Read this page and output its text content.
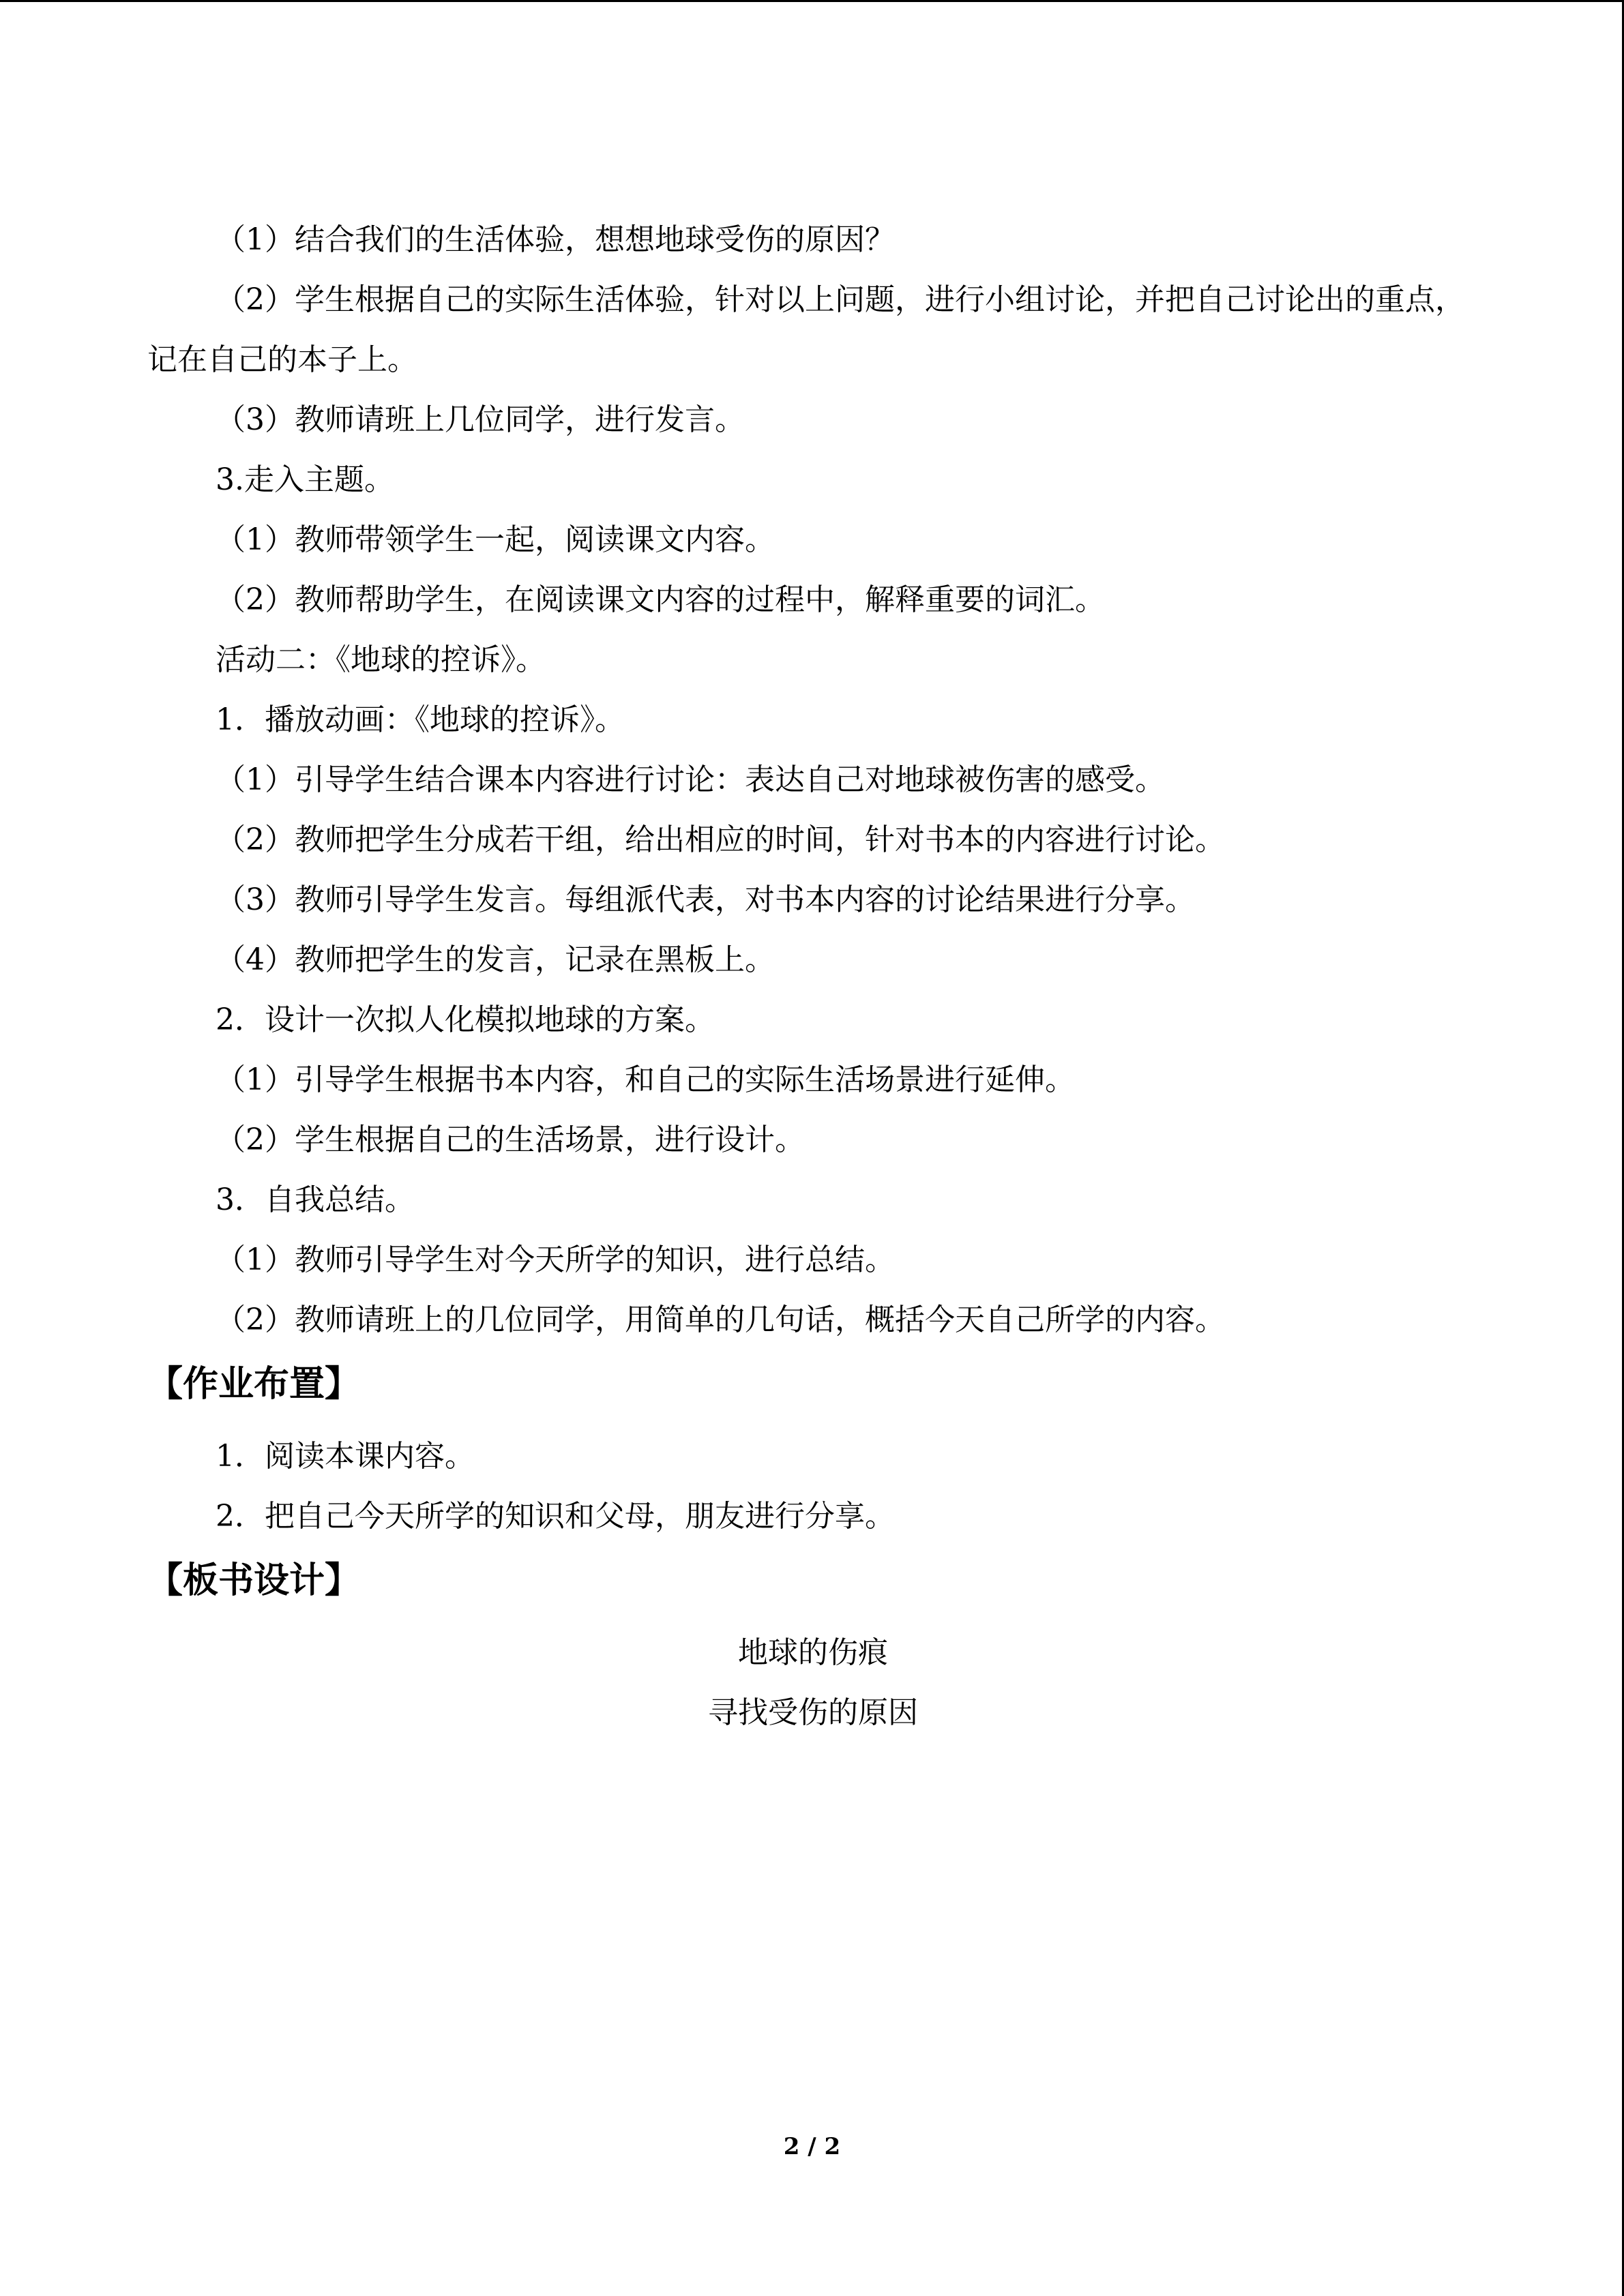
（1）结合我们的生活体验，想想地球受伤的原因？

（2）学生根据自己的实际生活体验，针对以上问题，进行小组讨论，并把自己讨论出的重点，记在自己的本子上。

（3）教师请班上几位同学，进行发言。

3.走入主题。

（1）教师带领学生一起，阅读课文内容。

（2）教师帮助学生，在阅读课文内容的过程中，解释重要的词汇。

活动二：《地球的控诉》。

1．播放动画：《地球的控诉》。

（1）引导学生结合课本内容进行讨论：表达自己对地球被伤害的感受。

（2）教师把学生分成若干组，给出相应的时间，针对书本的内容进行讨论。

（3）教师引导学生发言。每组派代表，对书本内容的讨论结果进行分享。

（4）教师把学生的发言，记录在黑板上。

2．设计一次拟人化模拟地球的方案。

（1）引导学生根据书本内容，和自己的实际生活场景进行延伸。

（2）学生根据自己的生活场景，进行设计。

3．自我总结。

（1）教师引导学生对今天所学的知识，进行总结。

（2）教师请班上的几位同学，用简单的几句话，概括今天自己所学的内容。

【作业布置】

1．阅读本课内容。

2．把自己今天所学的知识和父母，朋友进行分享。

【板书设计】
地球的伤痕
寻找受伤的原因
2 / 2
